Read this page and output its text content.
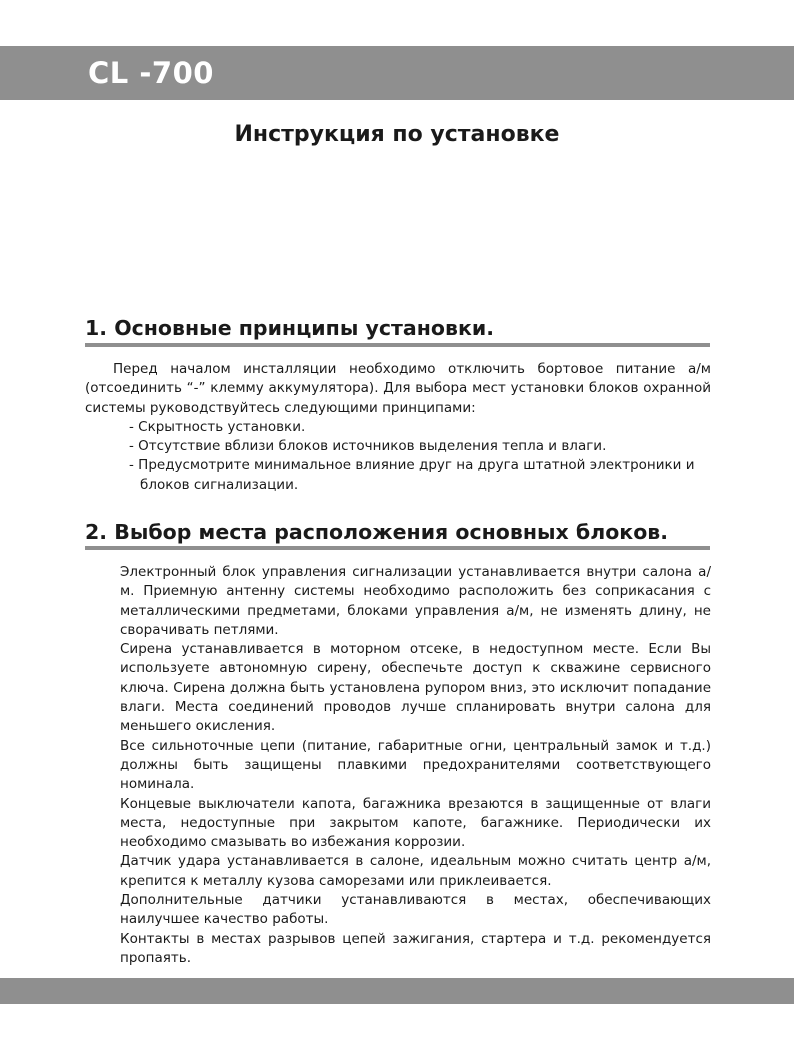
CL -700
Инструкция по установке
1. Основные принципы установки.

Перед началом инсталляции необходимо отключить бортовое питание а/м (отсоединить “-” клемму аккумулятора). Для выбора мест установки блоков охранной системы руководствуйтесь следующими принципами:

- Скрытность установки.
- Отсутствие вблизи блоков источников выделения тепла и влаги.
- Предусмотрите минимальное влияние друг на друга штатной электроники и блоков сигнализации.
2. Выбор места расположения основных блоков.

Электронный блок управления сигнализации устанавливается внутри салона а/м. Приемную антенну системы необходимо расположить без соприкасания с металлическими предметами, блоками управления а/м, не изменять длину, не сворачивать петлями.

Сирена устанавливается в моторном отсеке, в недоступном месте. Если Вы используете автономную сирену, обеспечьте доступ к скважине сервисного ключа. Сирена должна быть установлена рупором вниз, это исключит попадание влаги. Места соединений проводов лучше спланировать внутри салона для меньшего окисления.

Все сильноточные цепи (питание, габаритные огни, центральный замок и т.д.) должны быть защищены плавкими предохранителями соответствующего номинала.

Концевые выключатели капота, багажника врезаются в защищенные от влаги места, недоступные при закрытом капоте, багажнике. Периодически их необходимо смазывать во избежания коррозии.

Датчик удара устанавливается в салоне, идеальным можно считать центр а/м, крепится к металлу кузова саморезами или приклеивается.

Дополнительные датчики устанавливаются в местах, обеспечивающих наилучшее качество работы.

Контакты в местах разрывов цепей зажигания, стартера и т.д. рекомендуется пропаять.
